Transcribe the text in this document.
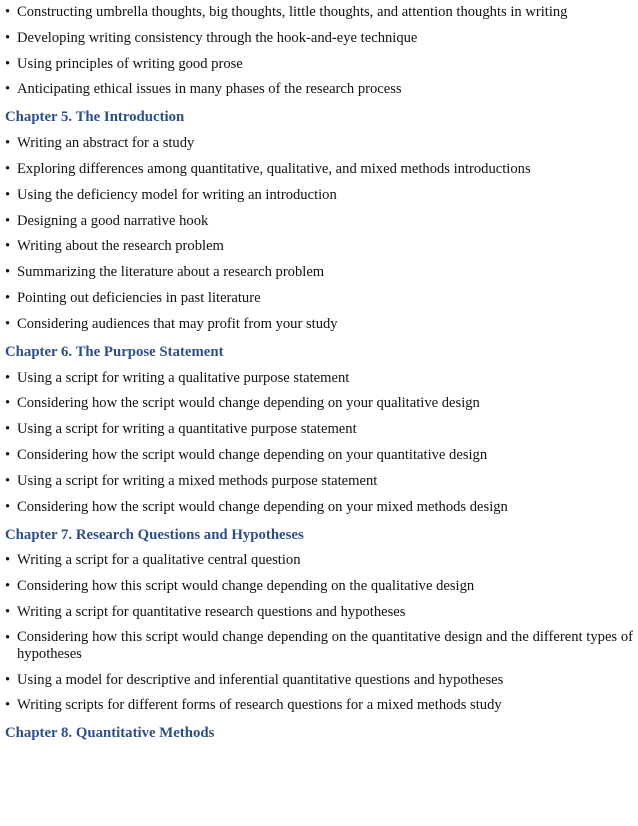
• Constructing umbrella thoughts, big thoughts, little thoughts, and attention thoughts in writing
• Developing writing consistency through the hook-and-eye technique
• Using principles of writing good prose
• Anticipating ethical issues in many phases of the research process
Chapter 5. The Introduction
• Writing an abstract for a study
• Exploring differences among quantitative, qualitative, and mixed methods introductions
• Using the deficiency model for writing an introduction
• Designing a good narrative hook
• Writing about the research problem
• Summarizing the literature about a research problem
• Pointing out deficiencies in past literature
• Considering audiences that may profit from your study
Chapter 6. The Purpose Statement
• Using a script for writing a qualitative purpose statement
• Considering how the script would change depending on your qualitative design
• Using a script for writing a quantitative purpose statement
• Considering how the script would change depending on your quantitative design
• Using a script for writing a mixed methods purpose statement
• Considering how the script would change depending on your mixed methods design
Chapter 7. Research Questions and Hypotheses
• Writing a script for a qualitative central question
• Considering how this script would change depending on the qualitative design
• Writing a script for quantitative research questions and hypotheses
• Considering how this script would change depending on the quantitative design and the different types of hypotheses
• Using a model for descriptive and inferential quantitative questions and hypotheses
• Writing scripts for different forms of research questions for a mixed methods study
Chapter 8. Quantitative Methods
